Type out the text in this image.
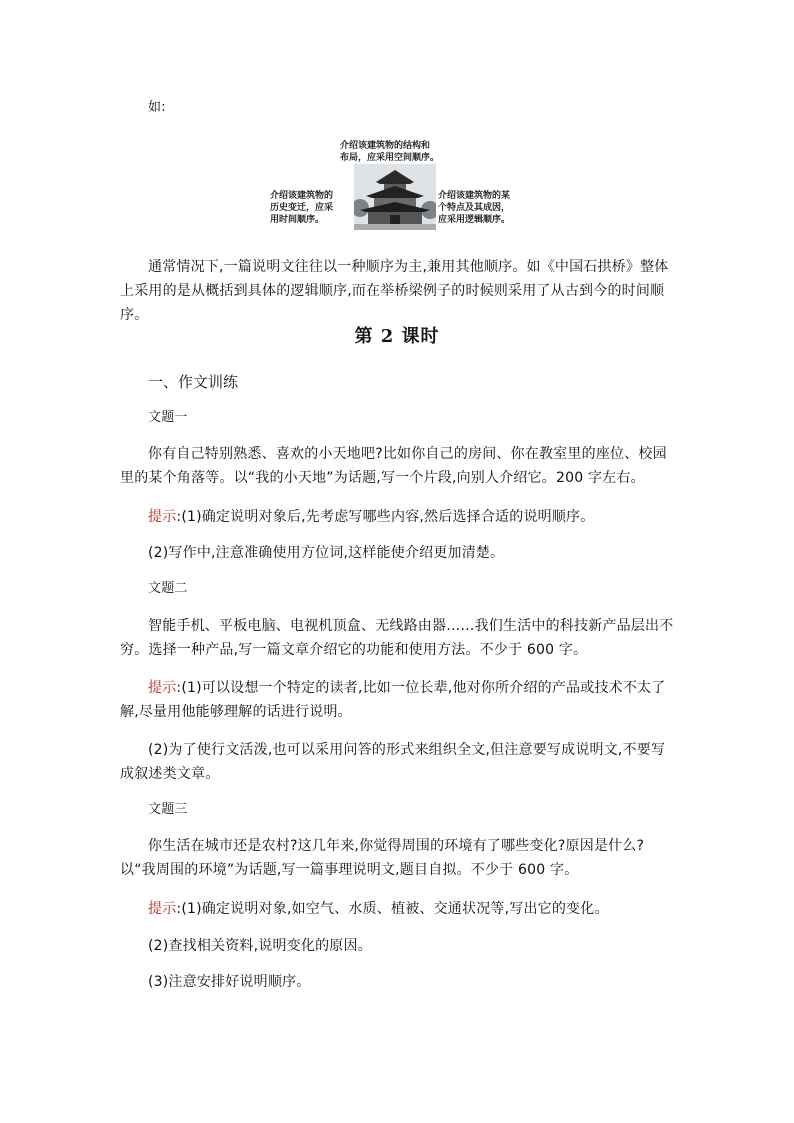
如:
介绍该建筑物的结构和
布局，应采用空间顺序。
介绍该建筑物的
历史变迁，应采
用时间顺序。
介绍该建筑物的某
个特点及其成因，
应采用逻辑顺序。
通常情况下,一篇说明文往往以一种顺序为主,兼用其他顺序。如《中国石拱桥》整体上采用的是从概括到具体的逻辑顺序,而在举桥梁例子的时候则采用了从古到今的时间顺序。
第 2 课时
一、作文训练
文题一
你有自己特别熟悉、喜欢的小天地吧?比如你自己的房间、你在教室里的座位、校园里的某个角落等。以“我的小天地”为话题,写一个片段,向别人介绍它。200 字左右。
提示:(1)确定说明对象后,先考虑写哪些内容,然后选择合适的说明顺序。
(2)写作中,注意准确使用方位词,这样能使介绍更加清楚。
文题二
智能手机、平板电脑、电视机顶盒、无线路由器……我们生活中的科技新产品层出不穷。选择一种产品,写一篇文章介绍它的功能和使用方法。不少于 600 字。
提示:(1)可以设想一个特定的读者,比如一位长辈,他对你所介绍的产品或技术不太了解,尽量用他能够理解的话进行说明。
(2)为了使行文活泼,也可以采用问答的形式来组织全文,但注意要写成说明文,不要写成叙述类文章。
文题三
你生活在城市还是农村?这几年来,你觉得周围的环境有了哪些变化?原因是什么?以“我周围的环境”为话题,写一篇事理说明文,题目自拟。不少于 600 字。
提示:(1)确定说明对象,如空气、水质、植被、交通状况等,写出它的变化。
(2)查找相关资料,说明变化的原因。
(3)注意安排好说明顺序。
